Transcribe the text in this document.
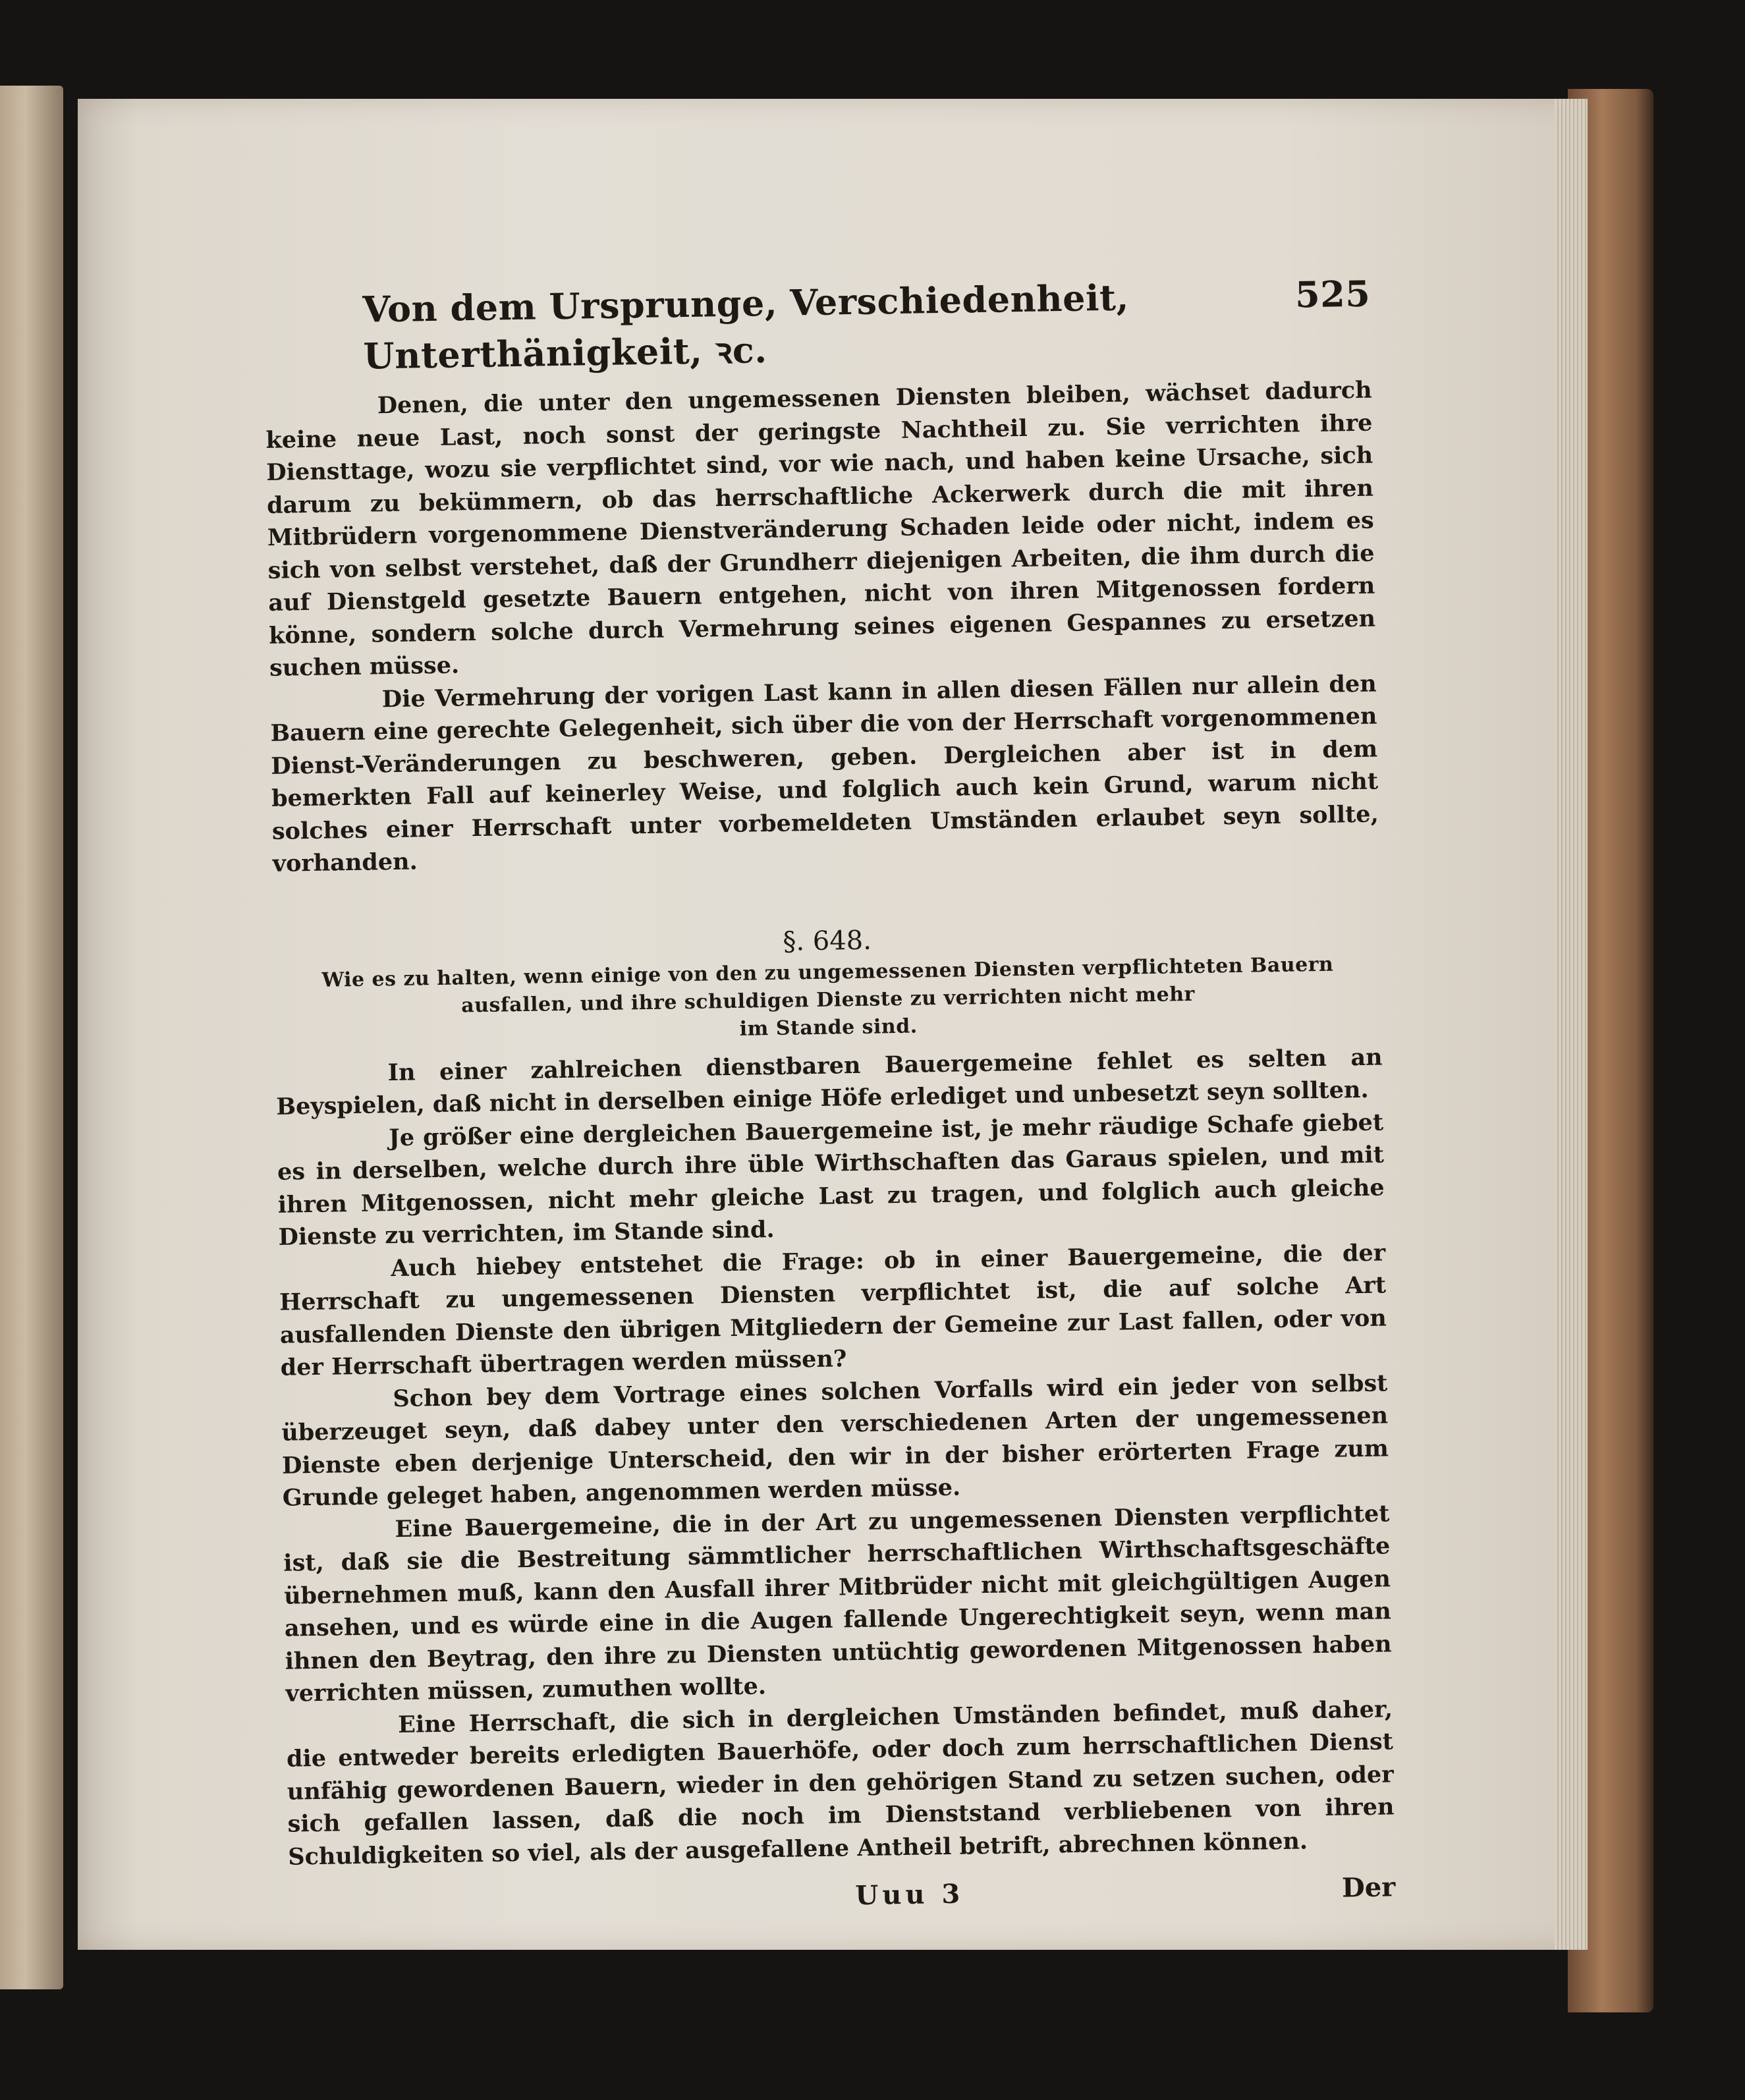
Von dem Ursprunge, Verschiedenheit, Unterthänigkeit, ꝛc.
525

Denen, die unter den ungemessenen Diensten bleiben, wächset dadurch keine neue Last, noch sonst der geringste Nachtheil zu. Sie verrichten ihre Diensttage, wozu sie verpflichtet sind, vor wie nach, und haben keine Ursache, sich darum zu bekümmern, ob das herrschaftliche Ackerwerk durch die mit ihren Mitbrüdern vorgenommene Dienstveränderung Schaden leide oder nicht, indem es sich von selbst verstehet, daß der Grundherr diejenigen Arbeiten, die ihm durch die auf Dienstgeld gesetzte Bauern entgehen, nicht von ihren Mitgenossen fordern könne, sondern solche durch Vermehrung seines eigenen Gespannes zu ersetzen suchen müsse.

Die Vermehrung der vorigen Last kann in allen diesen Fällen nur allein den Bauern eine gerechte Gelegenheit, sich über die von der Herrschaft vorgenommenen Dienst-Veränderungen zu beschweren, geben. Dergleichen aber ist in dem bemerkten Fall auf keinerley Weise, und folglich auch kein Grund, warum nicht solches einer Herrschaft unter vorbemeldeten Umständen erlaubet seyn sollte, vorhanden.

§. 648.
Wie es zu halten, wenn einige von den zu ungemessenen Diensten verpflichteten Bauern
ausfallen, und ihre schuldigen Dienste zu verrichten nicht mehr
im Stande sind.

In einer zahlreichen dienstbaren Bauergemeine fehlet es selten an Beyspielen, daß nicht in derselben einige Höfe erlediget und unbesetzt seyn sollten.

Je größer eine dergleichen Bauergemeine ist, je mehr räudige Schafe giebet es in derselben, welche durch ihre üble Wirthschaften das Garaus spielen, und mit ihren Mitgenossen, nicht mehr gleiche Last zu tragen, und folglich auch gleiche Dienste zu verrichten, im Stande sind.

Auch hiebey entstehet die Frage: ob in einer Bauergemeine, die der Herrschaft zu ungemessenen Diensten verpflichtet ist, die auf solche Art ausfallenden Dienste den übrigen Mitgliedern der Gemeine zur Last fallen, oder von der Herrschaft übertragen werden müssen?

Schon bey dem Vortrage eines solchen Vorfalls wird ein jeder von selbst überzeuget seyn, daß dabey unter den verschiedenen Arten der ungemessenen Dienste eben derjenige Unterscheid, den wir in der bisher erörterten Frage zum Grunde geleget haben, angenommen werden müsse.

Eine Bauergemeine, die in der Art zu ungemessenen Diensten verpflichtet ist, daß sie die Bestreitung sämmtlicher herrschaftlichen Wirthschaftsgeschäfte übernehmen muß, kann den Ausfall ihrer Mitbrüder nicht mit gleichgültigen Augen ansehen, und es würde eine in die Augen fallende Ungerechtigkeit seyn, wenn man ihnen den Beytrag, den ihre zu Diensten untüchtig gewordenen Mitgenossen haben verrichten müssen, zumuthen wollte.

Eine Herrschaft, die sich in dergleichen Umständen befindet, muß daher, die entweder bereits erledigten Bauerhöfe, oder doch zum herrschaftlichen Dienst unfähig gewordenen Bauern, wieder in den gehörigen Stand zu setzen suchen, oder sich gefallen lassen, daß die noch im Dienststand verbliebenen von ihren Schuldigkeiten so viel, als der ausgefallene Antheil betrift, abrechnen können.

Uuu 3	Der
